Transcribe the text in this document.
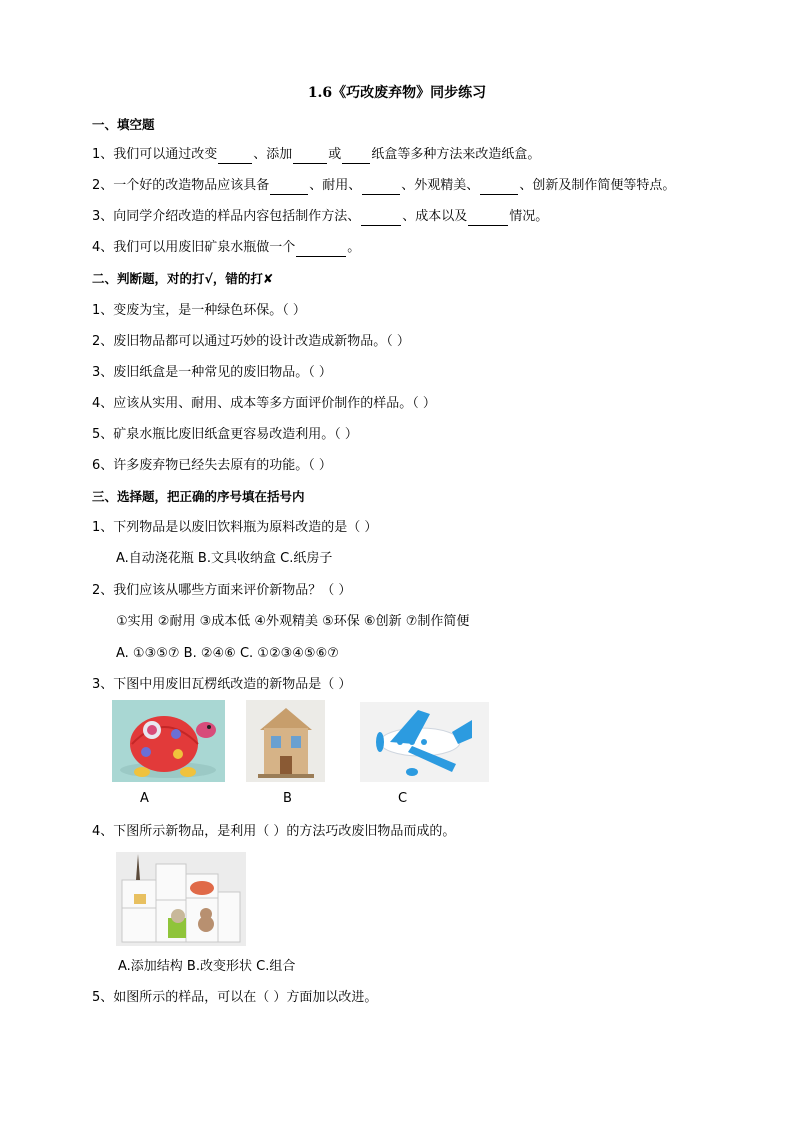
1.6《巧改废弃物》同步练习
一、填空题
1、我们可以通过改变	、添加	或 纸盒等多种方法来改造纸盒。
2、一个好的改造物品应该具备	、耐用、	、外观精美、	、创新及制作简便等特点。
3、向同学介绍改造的样品内容包括制作方法、	、成本以及	情况。
4、我们可以用废旧矿泉水瓶做一个	。
二、判断题，对的打√，错的打✘
1、变废为宝，是一种绿色环保。（ ）
2、废旧物品都可以通过巧妙的设计改造成新物品。（ ）
3、废旧纸盒是一种常见的废旧物品。（ ）
4、应该从实用、耐用、成本等多方面评价制作的样品。（ ）
5、矿泉水瓶比废旧纸盒更容易改造利用。（ ）
6、许多废弃物已经失去原有的功能。（ ）
三、选择题，把正确的序号填在括号内
1、下列物品是以废旧饮料瓶为原料改造的是（ ）
A.自动浇花瓶 B.文具收纳盒 C.纸房子
2、我们应该从哪些方面来评价新物品？（ ）
①实用 ②耐用 ③成本低 ④外观精美 ⑤环保 ⑥创新 ⑦制作简便
A. ①③⑤⑦ B. ②④⑥ C. ①②③④⑤⑥⑦
3、下图中用废旧瓦楞纸改造的新物品是（ ）
A	B	C
4、下图所示新物品，是利用（ ）的方法巧改废旧物品而成的。
A.添加结构 B.改变形状 C.组合
5、如图所示的样品，可以在（ ）方面加以改进。
